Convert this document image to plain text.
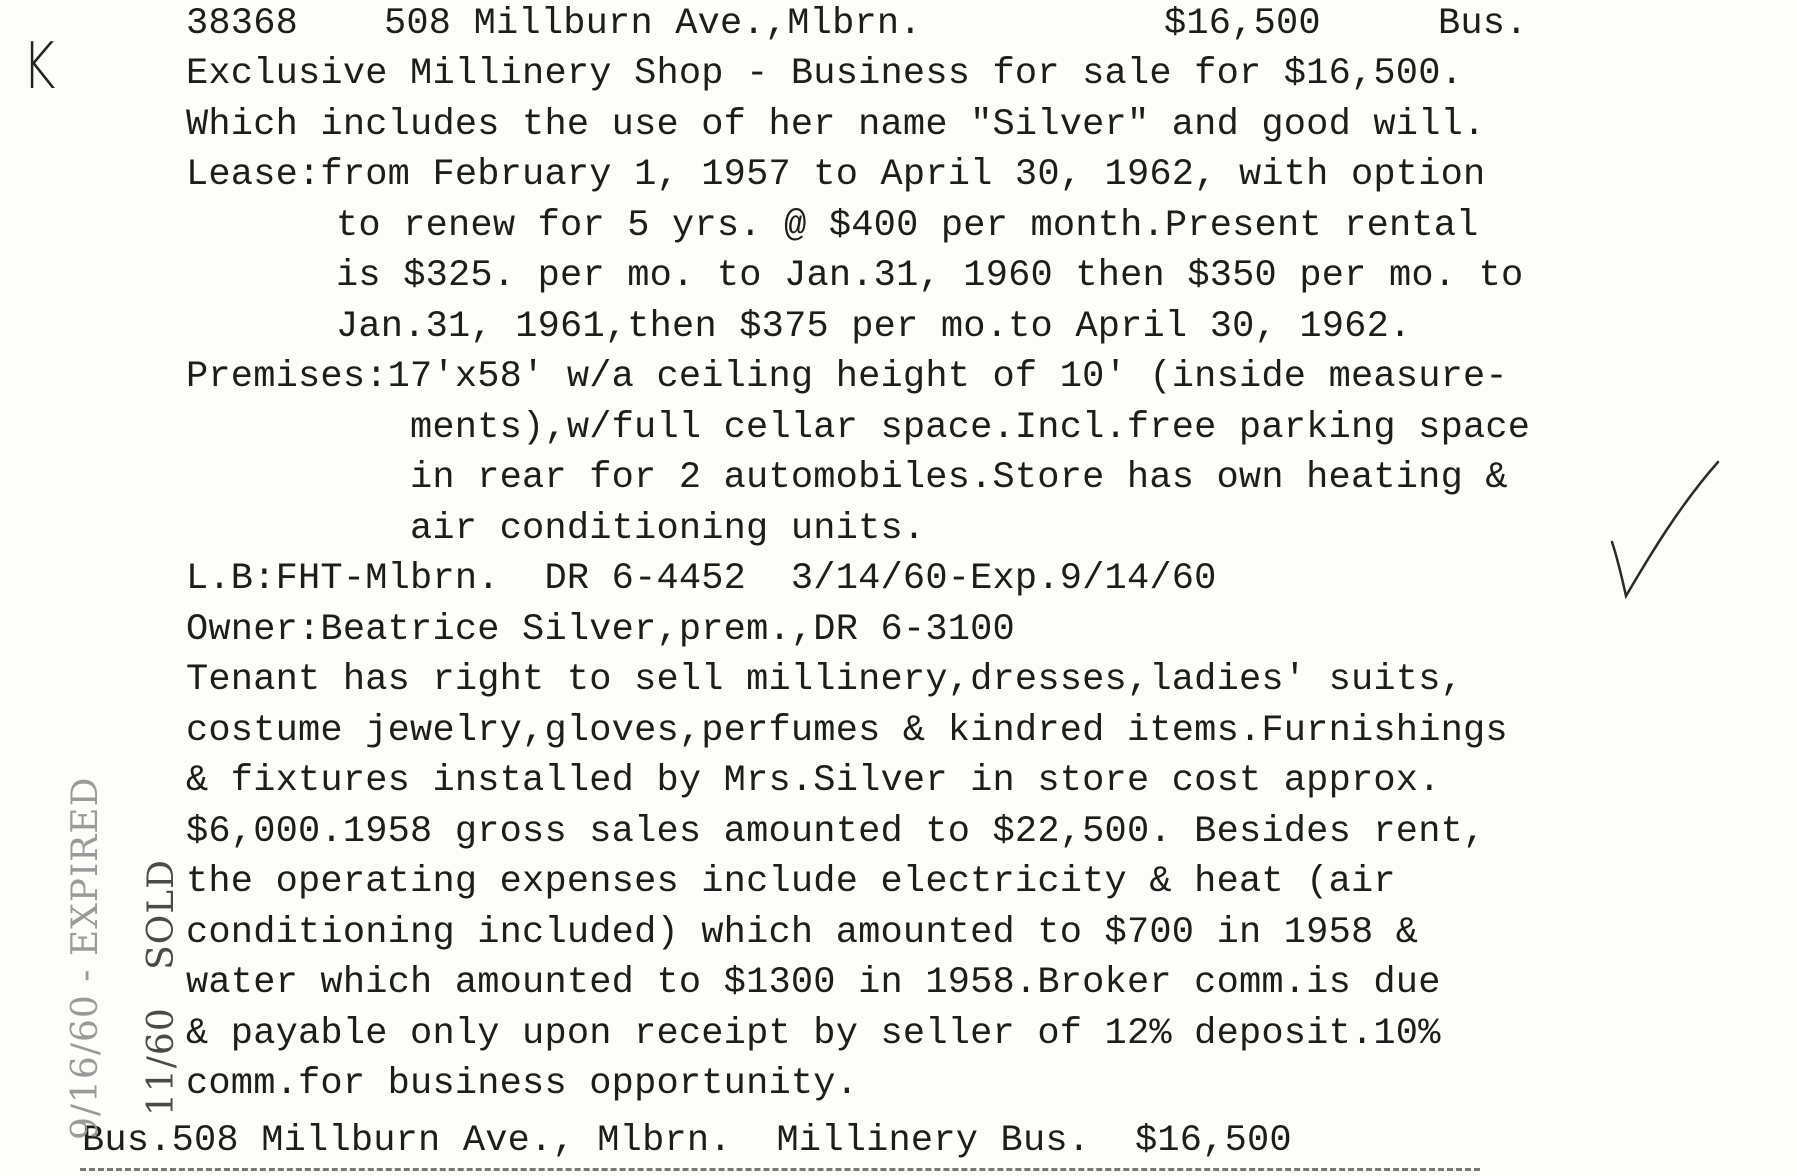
K
38368 508 Millburn Ave.,Mlbrn.	$16,500	Bus.
Exclusive Millinery Shop - Business for sale for $16,500.
Which includes the use of her name "Silver" and good will.
Lease:from February 1, 1957 to April 30, 1962, with option
to renew for 5 yrs. @ $400 per month.Present rental
is $325. per mo. to Jan.31, 1960 then $350 per mo. to
Jan.31, 1961,then $375 per mo.to April 30, 1962.
Premises:17'x58' w/a ceiling height of 10' (inside measure-
ments),w/full cellar space.Incl.free parking space
in rear for 2 automobiles.Store has own heating &
air conditioning units.
L.B:FHT-Mlbrn.  DR 6-4452  3/14/60-Exp.9/14/60
Owner:Beatrice Silver,prem.,DR 6-3100
Tenant has right to sell millinery,dresses,ladies' suits,
costume jewelry,gloves,perfumes & kindred items.Furnishings
& fixtures installed by Mrs.Silver in store cost approx.
$6,000.1958 gross sales amounted to $22,500. Besides rent,
the operating expenses include electricity & heat (air
conditioning included) which amounted to $700 in 1958 &
water which amounted to $1300 in 1958.Broker comm.is due
& payable only upon receipt by seller of 12% deposit.10%
comm.for business opportunity.
Bus.508 Millburn Ave., Mlbrn.  Millinery Bus.  $16,500

9/16/60 - EXPIRED

11/60   SOLD
